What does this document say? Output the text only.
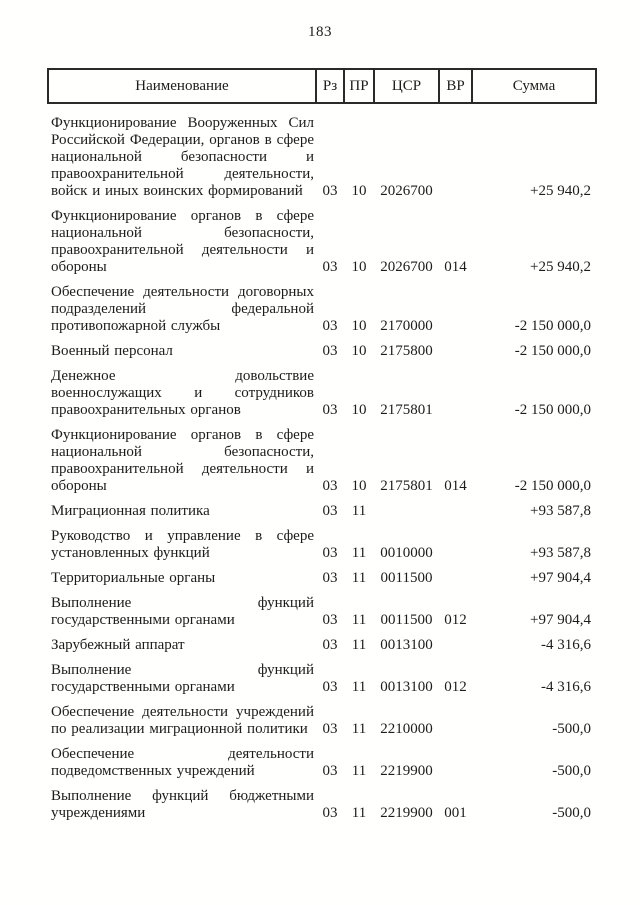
183
Наименование	Рз	ПР	ЦСР	ВР	Сумма
Функционирование Вооруженных Сил Российской Федерации, органов в сфере национальной безопасности и правоохранительной деятельности, войск и иных воинских формирований	03	10	2026700		+25 940,2
Функционирование органов в сфере национальной безопасности, правоохранительной деятельности и обороны	03	10	2026700	014	+25 940,2
Обеспечение деятельности договорных подразделений федеральной противопожарной службы	03	10	2170000		-2 150 000,0
Военный персонал	03	10	2175800		-2 150 000,0
Денежное довольствие военнослужащих и сотрудников правоохранительных органов	03	10	2175801		-2 150 000,0
Функционирование органов в сфере национальной безопасности, правоохранительной деятельности и обороны	03	10	2175801	014	-2 150 000,0
Миграционная политика	03	11			+93 587,8
Руководство и управление в сфере установленных функций	03	11	0010000		+93 587,8
Территориальные органы	03	11	0011500		+97 904,4
Выполнение функций государственными органами	03	11	0011500	012	+97 904,4
Зарубежный аппарат	03	11	0013100		-4 316,6
Выполнение функций государственными органами	03	11	0013100	012	-4 316,6
Обеспечение деятельности учреждений по реализации миграционной политики	03	11	2210000		-500,0
Обеспечение деятельности подведомственных учреждений	03	11	2219900		-500,0
Выполнение функций бюджетными учреждениями	03	11	2219900	001	-500,0
